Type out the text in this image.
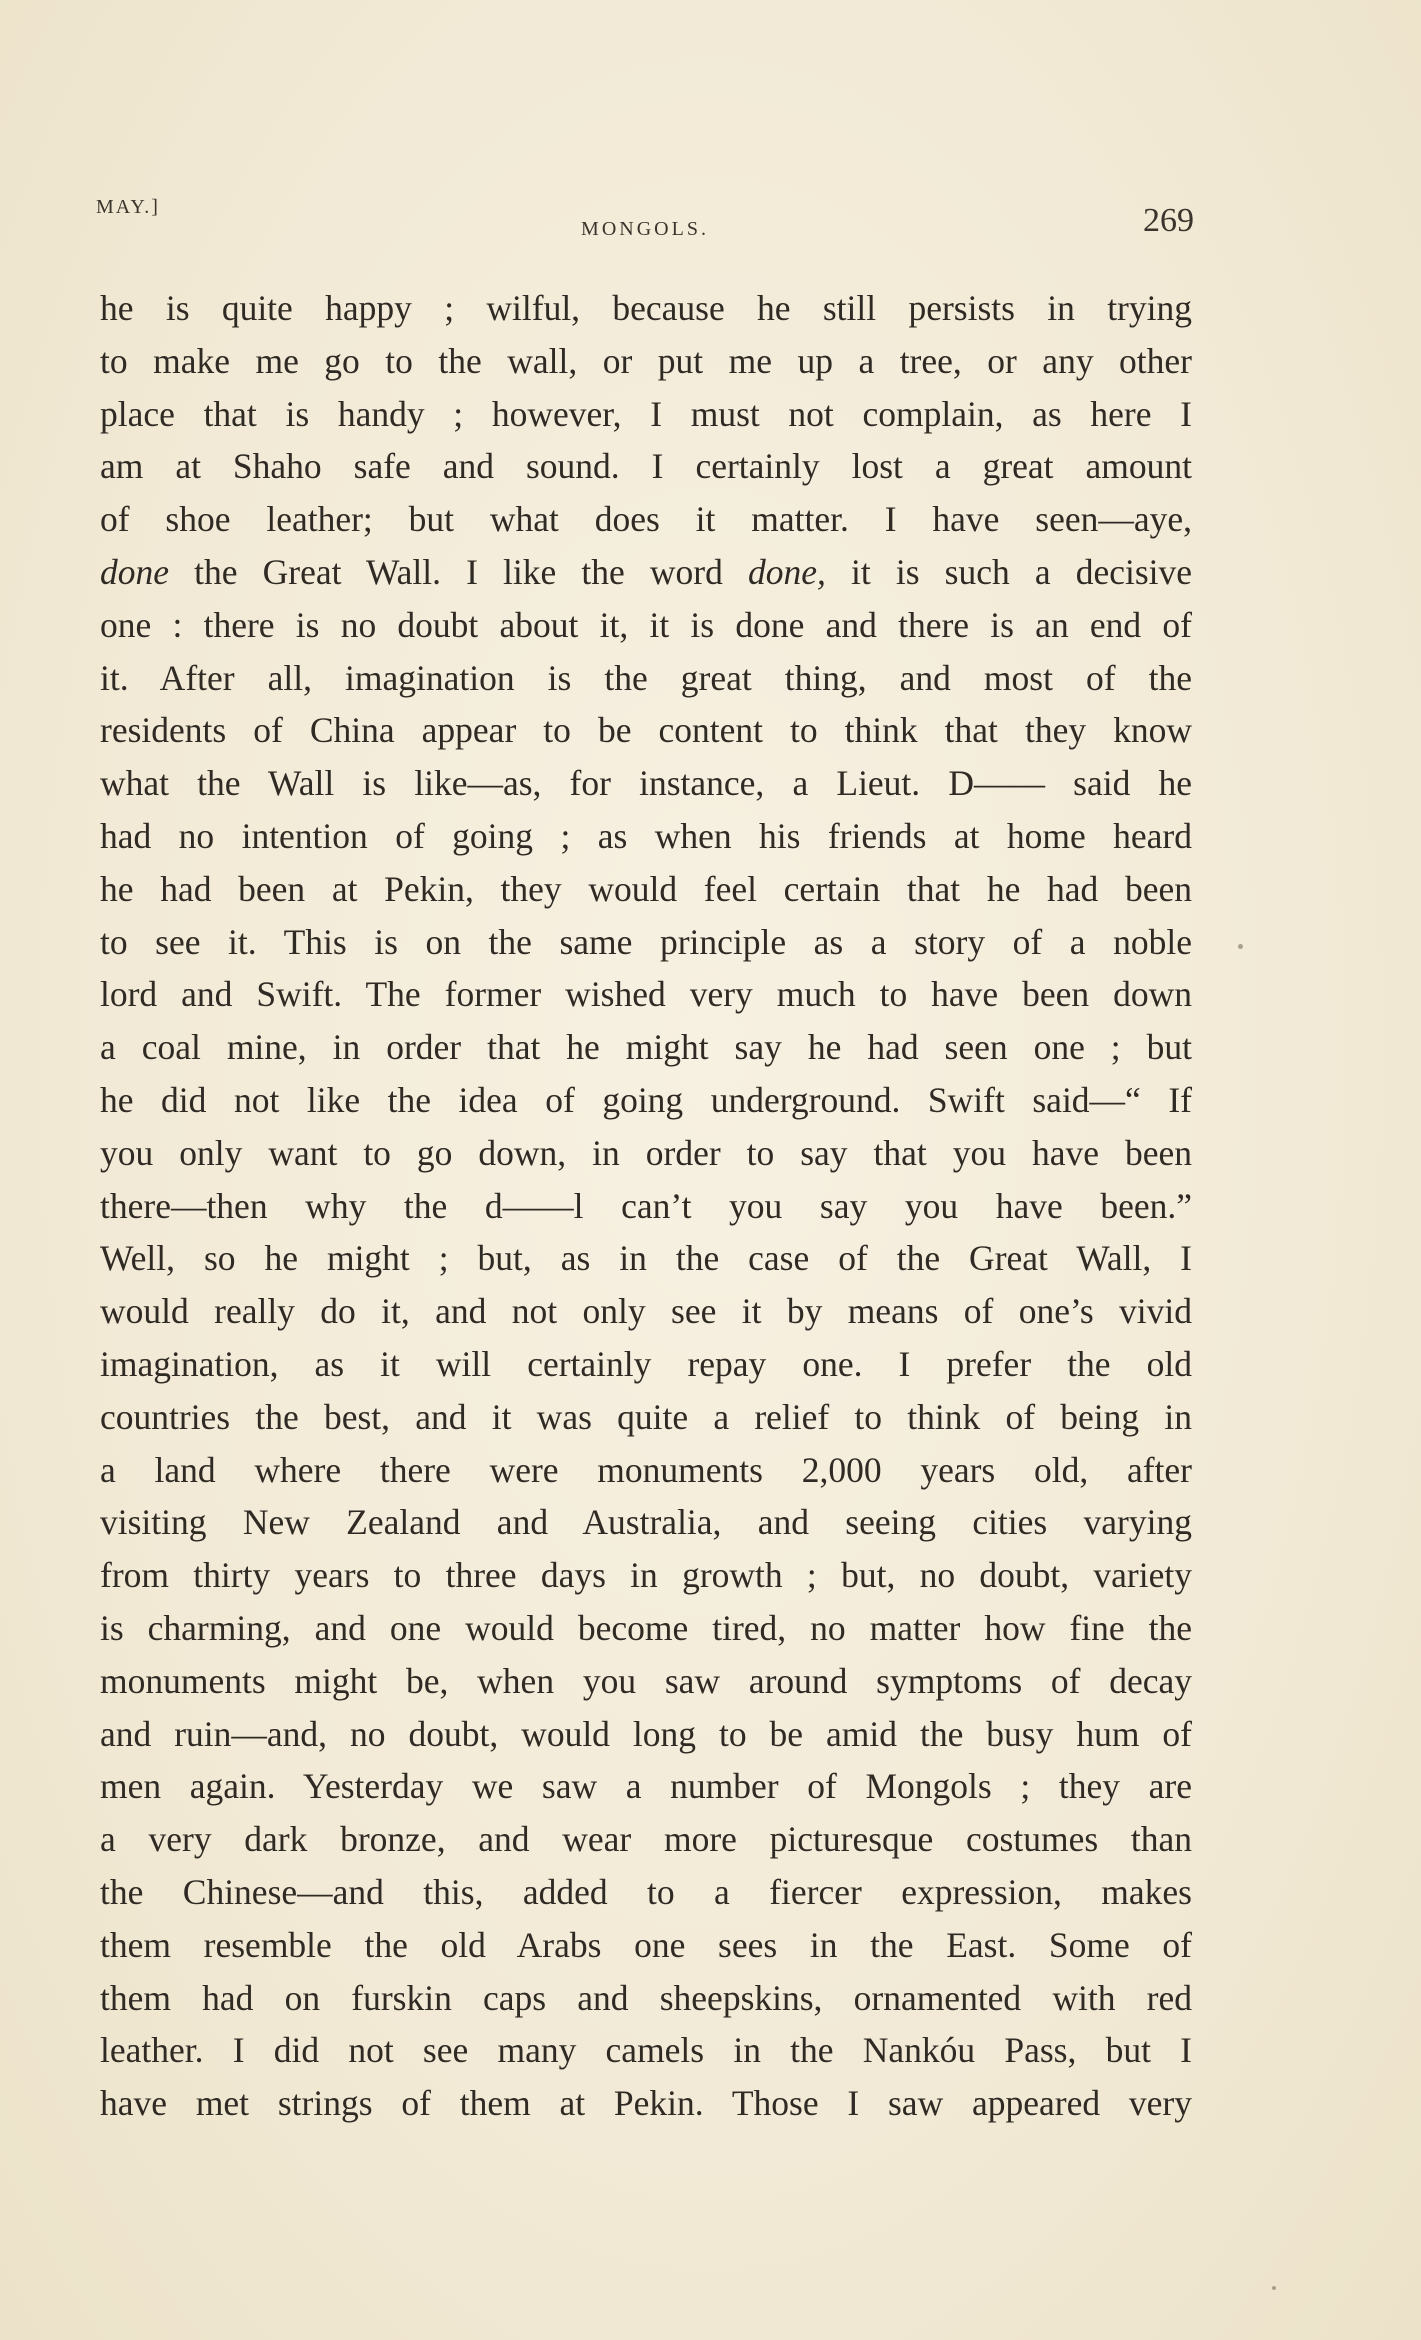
MAY.]
MONGOLS.	269
he is quite happy ; wilful, because he still persists in trying
to make me go to the wall, or put me up a tree, or any other
place that is handy ; however, I must not complain, as here I
am at Shaho safe and sound. I certainly lost a great amount
of shoe leather; but what does it matter. I have seen—aye,
done the Great Wall. I like the word done, it is such a decisive
one : there is no doubt about it, it is done and there is an end of
it. After all, imagination is the great thing, and most of the
residents of China appear to be content to think that they know
what the Wall is like—as, for instance, a Lieut. D—— said he
had no intention of going ; as when his friends at home heard
he had been at Pekin, they would feel certain that he had been
to see it. This is on the same principle as a story of a noble
lord and Swift. The former wished very much to have been down
a coal mine, in order that he might say he had seen one ; but
he did not like the idea of going underground. Swift said—“ If
you only want to go down, in order to say that you have been
there—then why the d——l can’t you say you have been.”
Well, so he might ; but, as in the case of the Great Wall, I
would really do it, and not only see it by means of one’s vivid
imagination, as it will certainly repay one. I prefer the old
countries the best, and it was quite a relief to think of being in
a land where there were monuments 2,000 years old, after
visiting New Zealand and Australia, and seeing cities varying
from thirty years to three days in growth ; but, no doubt, variety
is charming, and one would become tired, no matter how fine the
monuments might be, when you saw around symptoms of decay
and ruin—and, no doubt, would long to be amid the busy hum of
men again. Yesterday we saw a number of Mongols ; they are
a very dark bronze, and wear more picturesque costumes than
the Chinese—and this, added to a fiercer expression, makes
them resemble the old Arabs one sees in the East. Some of
them had on furskin caps and sheepskins, ornamented with red
leather. I did not see many camels in the Nankóu Pass, but I
have met strings of them at Pekin. Those I saw appeared very
